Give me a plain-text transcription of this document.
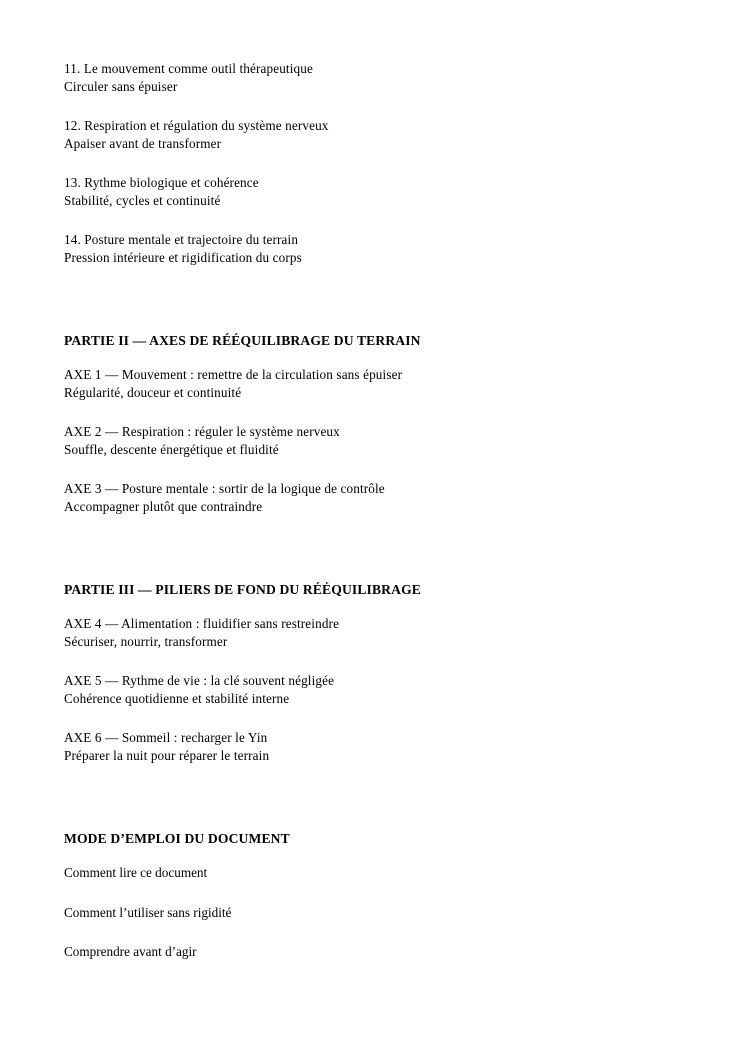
11. Le mouvement comme outil thérapeutique
Circuler sans épuiser
12. Respiration et régulation du système nerveux
Apaiser avant de transformer
13. Rythme biologique et cohérence
Stabilité, cycles et continuité
14. Posture mentale et trajectoire du terrain
Pression intérieure et rigidification du corps
PARTIE II — AXES DE RÉÉQUILIBRAGE DU TERRAIN
AXE 1 — Mouvement : remettre de la circulation sans épuiser
Régularité, douceur et continuité
AXE 2 — Respiration : réguler le système nerveux
Souffle, descente énergétique et fluidité
AXE 3 — Posture mentale : sortir de la logique de contrôle
Accompagner plutôt que contraindre
PARTIE III — PILIERS DE FOND DU RÉÉQUILIBRAGE
AXE 4 — Alimentation : fluidifier sans restreindre
Sécuriser, nourrir, transformer
AXE 5 — Rythme de vie : la clé souvent négligée
Cohérence quotidienne et stabilité interne
AXE 6 — Sommeil : recharger le Yin
Préparer la nuit pour réparer le terrain
MODE D’EMPLOI DU DOCUMENT
Comment lire ce document
Comment l’utiliser sans rigidité
Comprendre avant d’agir
